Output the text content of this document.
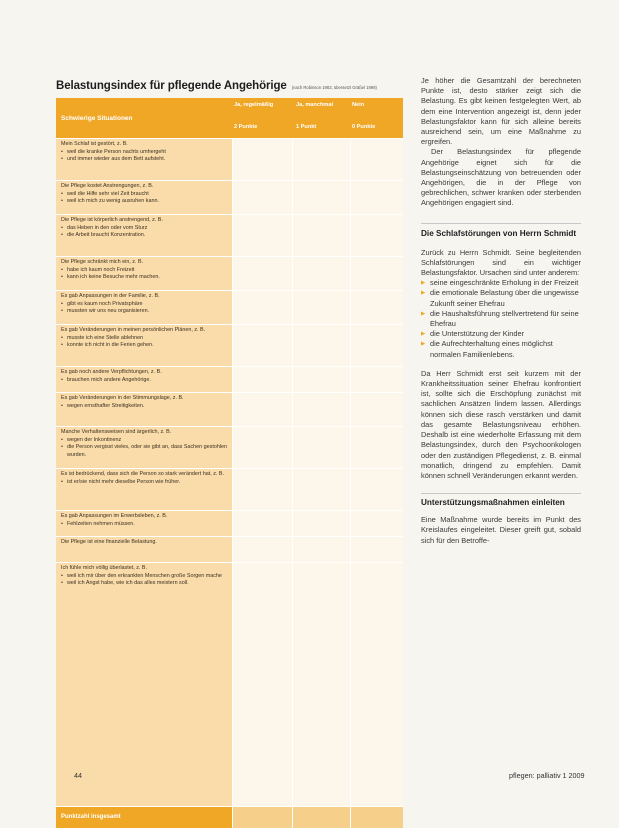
Belastungsindex für pflegende Angehörige (nach Robinson 1983, übersetzt Gräßel 1998)
Schwierige Situationen
Ja, regelmäßig
2 Punkte
Ja, manchmal
1 Punkt
Nein
0 Punkte
Mein Schlaf ist gestört, z. B.
• weil die kranke Person nachts umhergeht
• und immer wieder aus dem Bett aufsteht.
Die Pflege kostet Anstrengungen, z. B.
• weil die Hilfe sehr viel Zeit braucht
• weil ich mich zu wenig ausruhen kann.
Die Pflege ist körperlich anstrengend, z. B.
• das Heben in den oder vom Sturz
• die Arbeit braucht Konzentration.
Die Pflege schränkt mich ein, z. B.
• habe ich kaum noch Freizeit
• kann ich keine Besuche mehr machen.
Es gab Anpassungen in der Familie, z. B.
• gibt es kaum noch Privatsphäre
• mussten wir uns neu organisieren.
Es gab Veränderungen in meinen persönlichen Plänen, z. B.
• musste ich eine Stelle ablehnen
• konnte ich nicht in die Ferien gehen.
Es gab noch andere Verpflichtungen, z. B.
• brauchen mich andere Angehörige.
Es gab Veränderungen in der Stimmungslage, z. B.
• wegen ernsthafter Streitigkeiten.
Manche Verhaltensweisen sind ärgerlich, z. B.
• wegen der Inkontinenz
• die Person vergisst vieles, oder sie gibt an, dass Sachen gestohlen wurden.
Es ist bedrückend, dass sich die Person so stark verändert hat, z. B.
• ist er/sie nicht mehr dieselbe Person wie früher.
Es gab Anpassungen im Erwerbsleben, z. B.
• Fehlzeiten nehmen müssen.
Die Pflege ist eine finanzielle Belastung.
Ich fühle mich völlig überlastet, z. B.
• weil ich mir über den erkrankten Menschen große Sorgen mache
• weil ich Angst habe, wie ich das alles meistern soll.
Punktzahl insgesamt

Je höher die Gesamtzahl der berechneten Punkte ist, desto stärker zeigt sich die Belastung. Es gibt keinen festgelegten Wert, ab dem eine Intervention angezeigt ist, denn jeder Belastungsfaktor kann für sich alleine bereits ausreichend sein, um eine Maßnahme zu ergreifen.

Der Belastungsindex für pflegende Angehörige eignet sich für die Belastungseinschätzung von betreuenden oder Angehörigen, die in der Pflege von gebrechlichen, schwer kranken oder sterbenden Angehörigen engagiert sind.

Die Schlafstörungen von Herrn Schmidt

Zurück zu Herrn Schmidt. Seine begleitenden Schlafstörungen sind ein wichtiger Belastungsfaktor. Ursachen sind unter anderem:

▶ seine eingeschränkte Erholung in der Freizeit
▶ die emotionale Belastung über die ungewisse Zukunft seiner Ehefrau
▶ die Haushaltsführung stellvertretend für seine Ehefrau
▶ die Unterstützung der Kinder
▶ die Aufrechterhaltung eines möglichst normalen Familienlebens.

Da Herr Schmidt erst seit kurzem mit der Krankheitssituation seiner Ehefrau konfrontiert ist, sollte sich die Erschöpfung zunächst mit sachlichen Ansätzen lindern lassen. Allerdings können sich diese rasch verstärken und damit das gesamte Belastungsniveau erhöhen. Deshalb ist eine wiederholte Erfassung mit dem Belastungsindex, durch den Psychoonkologen oder den zuständigen Pflegedienst, z. B. einmal monatlich, dringend zu empfehlen. Damit können schnell Veränderungen erkannt werden.

Unterstützungsmaßnahmen einleiten

Eine Maßnahme wurde bereits im Punkt des Kreislaufes eingeleitet. Dieser greift gut, sobald sich für den Betroffe-

44	pflegen: palliativ 1 2009
